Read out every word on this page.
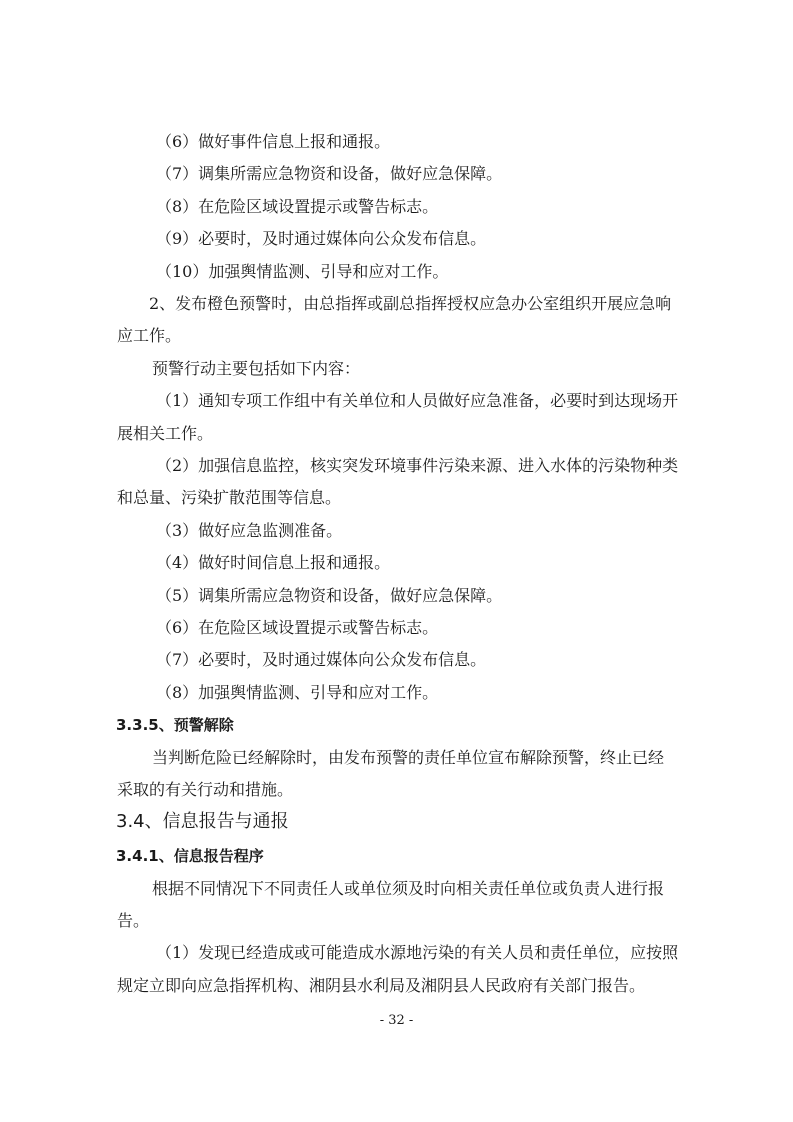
（6）做好事件信息上报和通报。
（7）调集所需应急物资和设备，做好应急保障。
（8）在危险区域设置提示或警告标志。
（9）必要时，及时通过媒体向公众发布信息。
（10）加强舆情监测、引导和应对工作。
2、发布橙色预警时，由总指挥或副总指挥授权应急办公室组织开展应急响
应工作。
预警行动主要包括如下内容：
（1）通知专项工作组中有关单位和人员做好应急准备，必要时到达现场开
展相关工作。
（2）加强信息监控，核实突发环境事件污染来源、进入水体的污染物种类
和总量、污染扩散范围等信息。
（3）做好应急监测准备。
（4）做好时间信息上报和通报。
（5）调集所需应急物资和设备，做好应急保障。
（6）在危险区域设置提示或警告标志。
（7）必要时，及时通过媒体向公众发布信息。
（8）加强舆情监测、引导和应对工作。
3.3.5、预警解除
当判断危险已经解除时，由发布预警的责任单位宣布解除预警，终止已经
采取的有关行动和措施。
3.4、信息报告与通报
3.4.1、信息报告程序
根据不同情况下不同责任人或单位须及时向相关责任单位或负责人进行报
告。
（1）发现已经造成或可能造成水源地污染的有关人员和责任单位，应按照
规定立即向应急指挥机构、湘阴县水利局及湘阴县人民政府有关部门报告。
- 32 -
